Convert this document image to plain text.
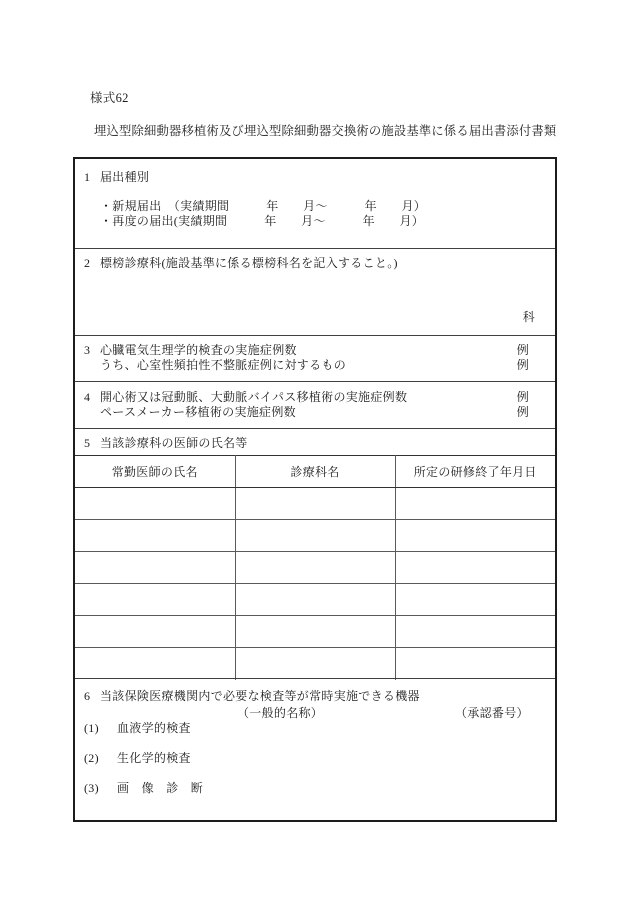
様式62
埋込型除細動器移植術及び埋込型除細動器交換術の施設基準に係る届出書添付書類
1 届出種別
・新規届出　（実績期間　　　年　　月～　　　年　　月）
・再度の届出(実績期間　　　年　　月～　　　年　　月）
2 標榜診療科(施設基準に係る標榜科名を記入すること。)
科
3 心臓電気生理学的検査の実施症例数	例
うち、心室性頻拍性不整脈症例に対するもの	例
4 開心術又は冠動脈、大動脈バイパス移植術の実施症例数	例
ペースメーカー移植術の実施症例数	例
5 当該診療科の医師の氏名等
常勤医師の氏名	診療科名	所定の研修終了年月日

6 当該保険医療機関内で必要な検査等が常時実施できる機器
（一般的名称）	（承認番号）
(1)	血液学的検査
(2)	生化学的検査
(3)	画　像　診　断
